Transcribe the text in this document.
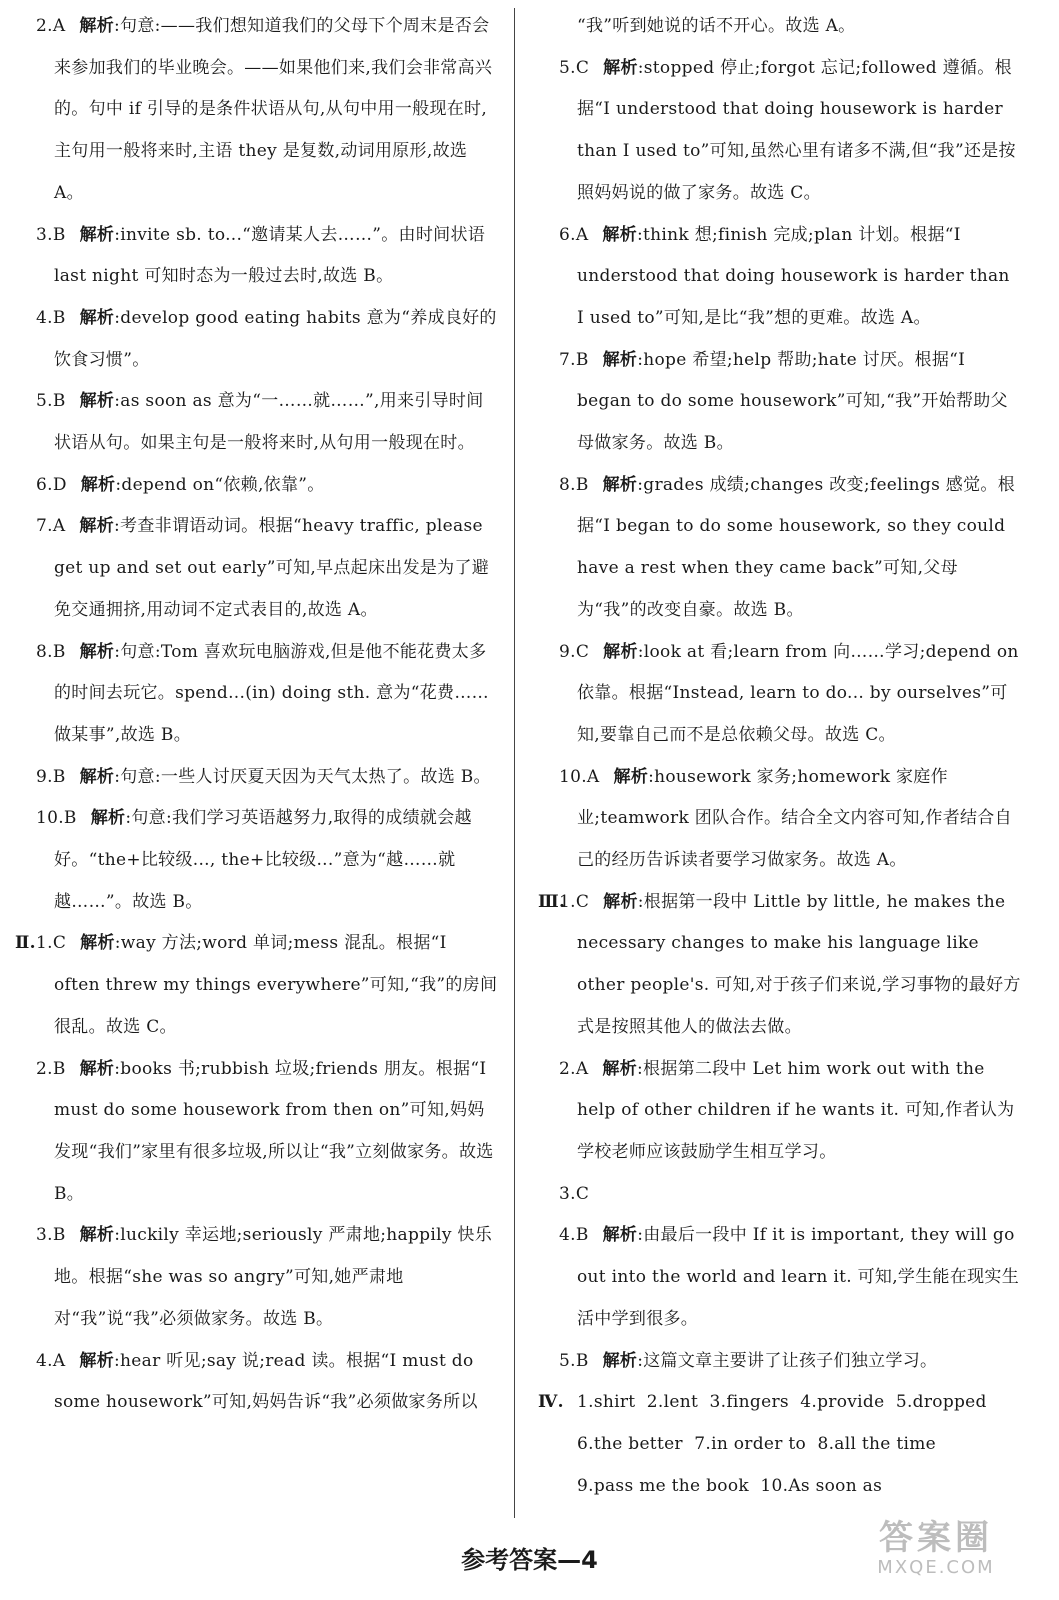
2.A 解析:句意:——我们想知道我们的父母下个周末是否会来参加我们的毕业晚会。——如果他们来,我们会非常高兴的。句中 if 引导的是条件状语从句,从句中用一般现在时,主句用一般将来时,主语 they 是复数,动词用原形,故选 A。
3.B 解析:invite sb. to...“邀请某人去……”。由时间状语 last night 可知时态为一般过去时,故选 B。
4.B 解析:develop good eating habits 意为“养成良好的饮食习惯”。
5.B 解析:as soon as 意为“一……就……”,用来引导时间状语从句。如果主句是一般将来时,从句用一般现在时。
6.D 解析:depend on“依赖,依靠”。
7.A 解析:考查非谓语动词。根据“heavy traffic, please get up and set out early”可知,早点起床出发是为了避免交通拥挤,用动词不定式表目的,故选 A。
8.B 解析:句意:Tom 喜欢玩电脑游戏,但是他不能花费太多的时间去玩它。spend...(in) doing sth. 意为“花费……做某事”,故选 B。
9.B 解析:句意:一些人讨厌夏天因为天气太热了。故选 B。
10.B 解析:句意:我们学习英语越努力,取得的成绩就会越好。“the+比较级..., the+比较级...”意为“越……就越……”。故选 B。
Ⅱ. 1.C 解析:way 方法;word 单词;mess 混乱。根据“I often threw my things everywhere”可知,“我”的房间很乱。故选 C。
2.B 解析:books 书;rubbish 垃圾;friends 朋友。根据“I must do some housework from then on”可知,妈妈发现“我们”家里有很多垃圾,所以让“我”立刻做家务。故选 B。
3.B 解析:luckily 幸运地;seriously 严肃地;happily 快乐地。根据“she was so angry”可知,她严肃地对“我”说“我”必须做家务。故选 B。
4.A 解析:hear 听见;say 说;read 读。根据“I must do some housework”可知,妈妈告诉“我”必须做家务所以
“我”听到她说的话不开心。故选 A。
5.C 解析:stopped 停止;forgot 忘记;followed 遵循。根据“I understood that doing housework is harder than I used to”可知,虽然心里有诸多不满,但“我”还是按照妈妈说的做了家务。故选 C。
6.A 解析:think 想;finish 完成;plan 计划。根据“I understood that doing housework is harder than I used to”可知,是比“我”想的更难。故选 A。
7.B 解析:hope 希望;help 帮助;hate 讨厌。根据“I began to do some housework”可知,“我”开始帮助父母做家务。故选 B。
8.B 解析:grades 成绩;changes 改变;feelings 感觉。根据“I began to do some housework, so they could have a rest when they came back”可知,父母为“我”的改变自豪。故选 B。
9.C 解析:look at 看;learn from 向……学习;depend on 依靠。根据“Instead, learn to do... by ourselves”可知,要靠自己而不是总依赖父母。故选 C。
10.A 解析:housework 家务;homework 家庭作业;teamwork 团队合作。结合全文内容可知,作者结合自己的经历告诉读者要学习做家务。故选 A。
Ⅲ.
1.C 解析:根据第一段中 Little by little, he makes the necessary changes to make his language like other people's. 可知,对于孩子们来说,学习事物的最好方式是按照其他人的做法去做。
2.A 解析:根据第二段中 Let him work out with the help of other children if he wants it. 可知,作者认为学校老师应该鼓励学生相互学习。
3.C
4.B 解析:由最后一段中 If it is important, they will go out into the world and learn it. 可知,学生能在现实生活中学到很多。
5.B 解析:这篇文章主要讲了让孩子们独立学习。
Ⅳ. 1.shirt  2.lent  3.fingers  4.provide  5.dropped
6.the better  7.in order to  8.all the time
9.pass me the book  10.As soon as
参考答案—4
答案圈
MXQE.COM
